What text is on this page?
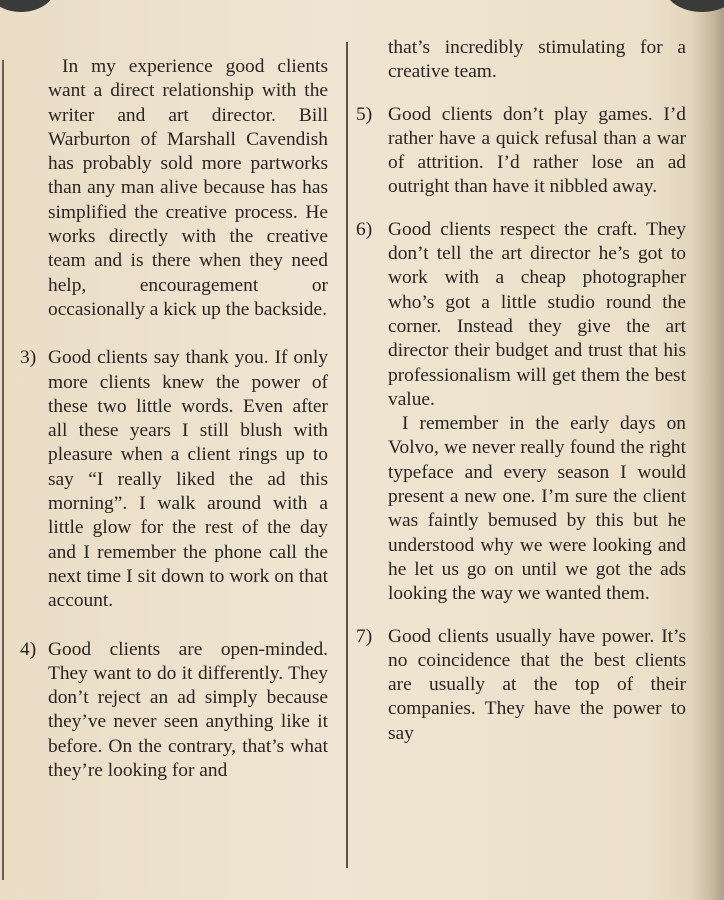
In my experience good clients want a direct relationship with the writer and art director. Bill Warburton of Marshall Cavendish has probably sold more partworks than any man alive because has has simplified the creative process. He works directly with the creative team and is there when they need help, encouragement or occasionally a kick up the backside.

3) Good clients say thank you. If only more clients knew the power of these two little words. Even after all these years I still blush with pleasure when a client rings up to say “I really liked the ad this morning”. I walk around with a little glow for the rest of the day and I remember the phone call the next time I sit down to work on that account.

4) Good clients are open-minded. They want to do it differently. They don’t reject an ad simply because they’ve never seen anything like it before. On the contrary, that’s what they’re looking for and

that’s incredibly stimulating for a creative team.

5) Good clients don’t play games. I’d rather have a quick refusal than a war of attrition. I’d rather lose an ad outright than have it nibbled away.

6) Good clients respect the craft. They don’t tell the art director he’s got to work with a cheap photographer who’s got a little studio round the corner. Instead they give the art director their budget and trust that his professionalism will get them the best value.

I remember in the early days on Volvo, we never really found the right typeface and every season I would present a new one. I’m sure the client was faintly bemused by this but he understood why we were looking and he let us go on until we got the ads looking the way we wanted them.

7) Good clients usually have power. It’s no coincidence that the best clients are usually at the top of their companies. They have the power to say
